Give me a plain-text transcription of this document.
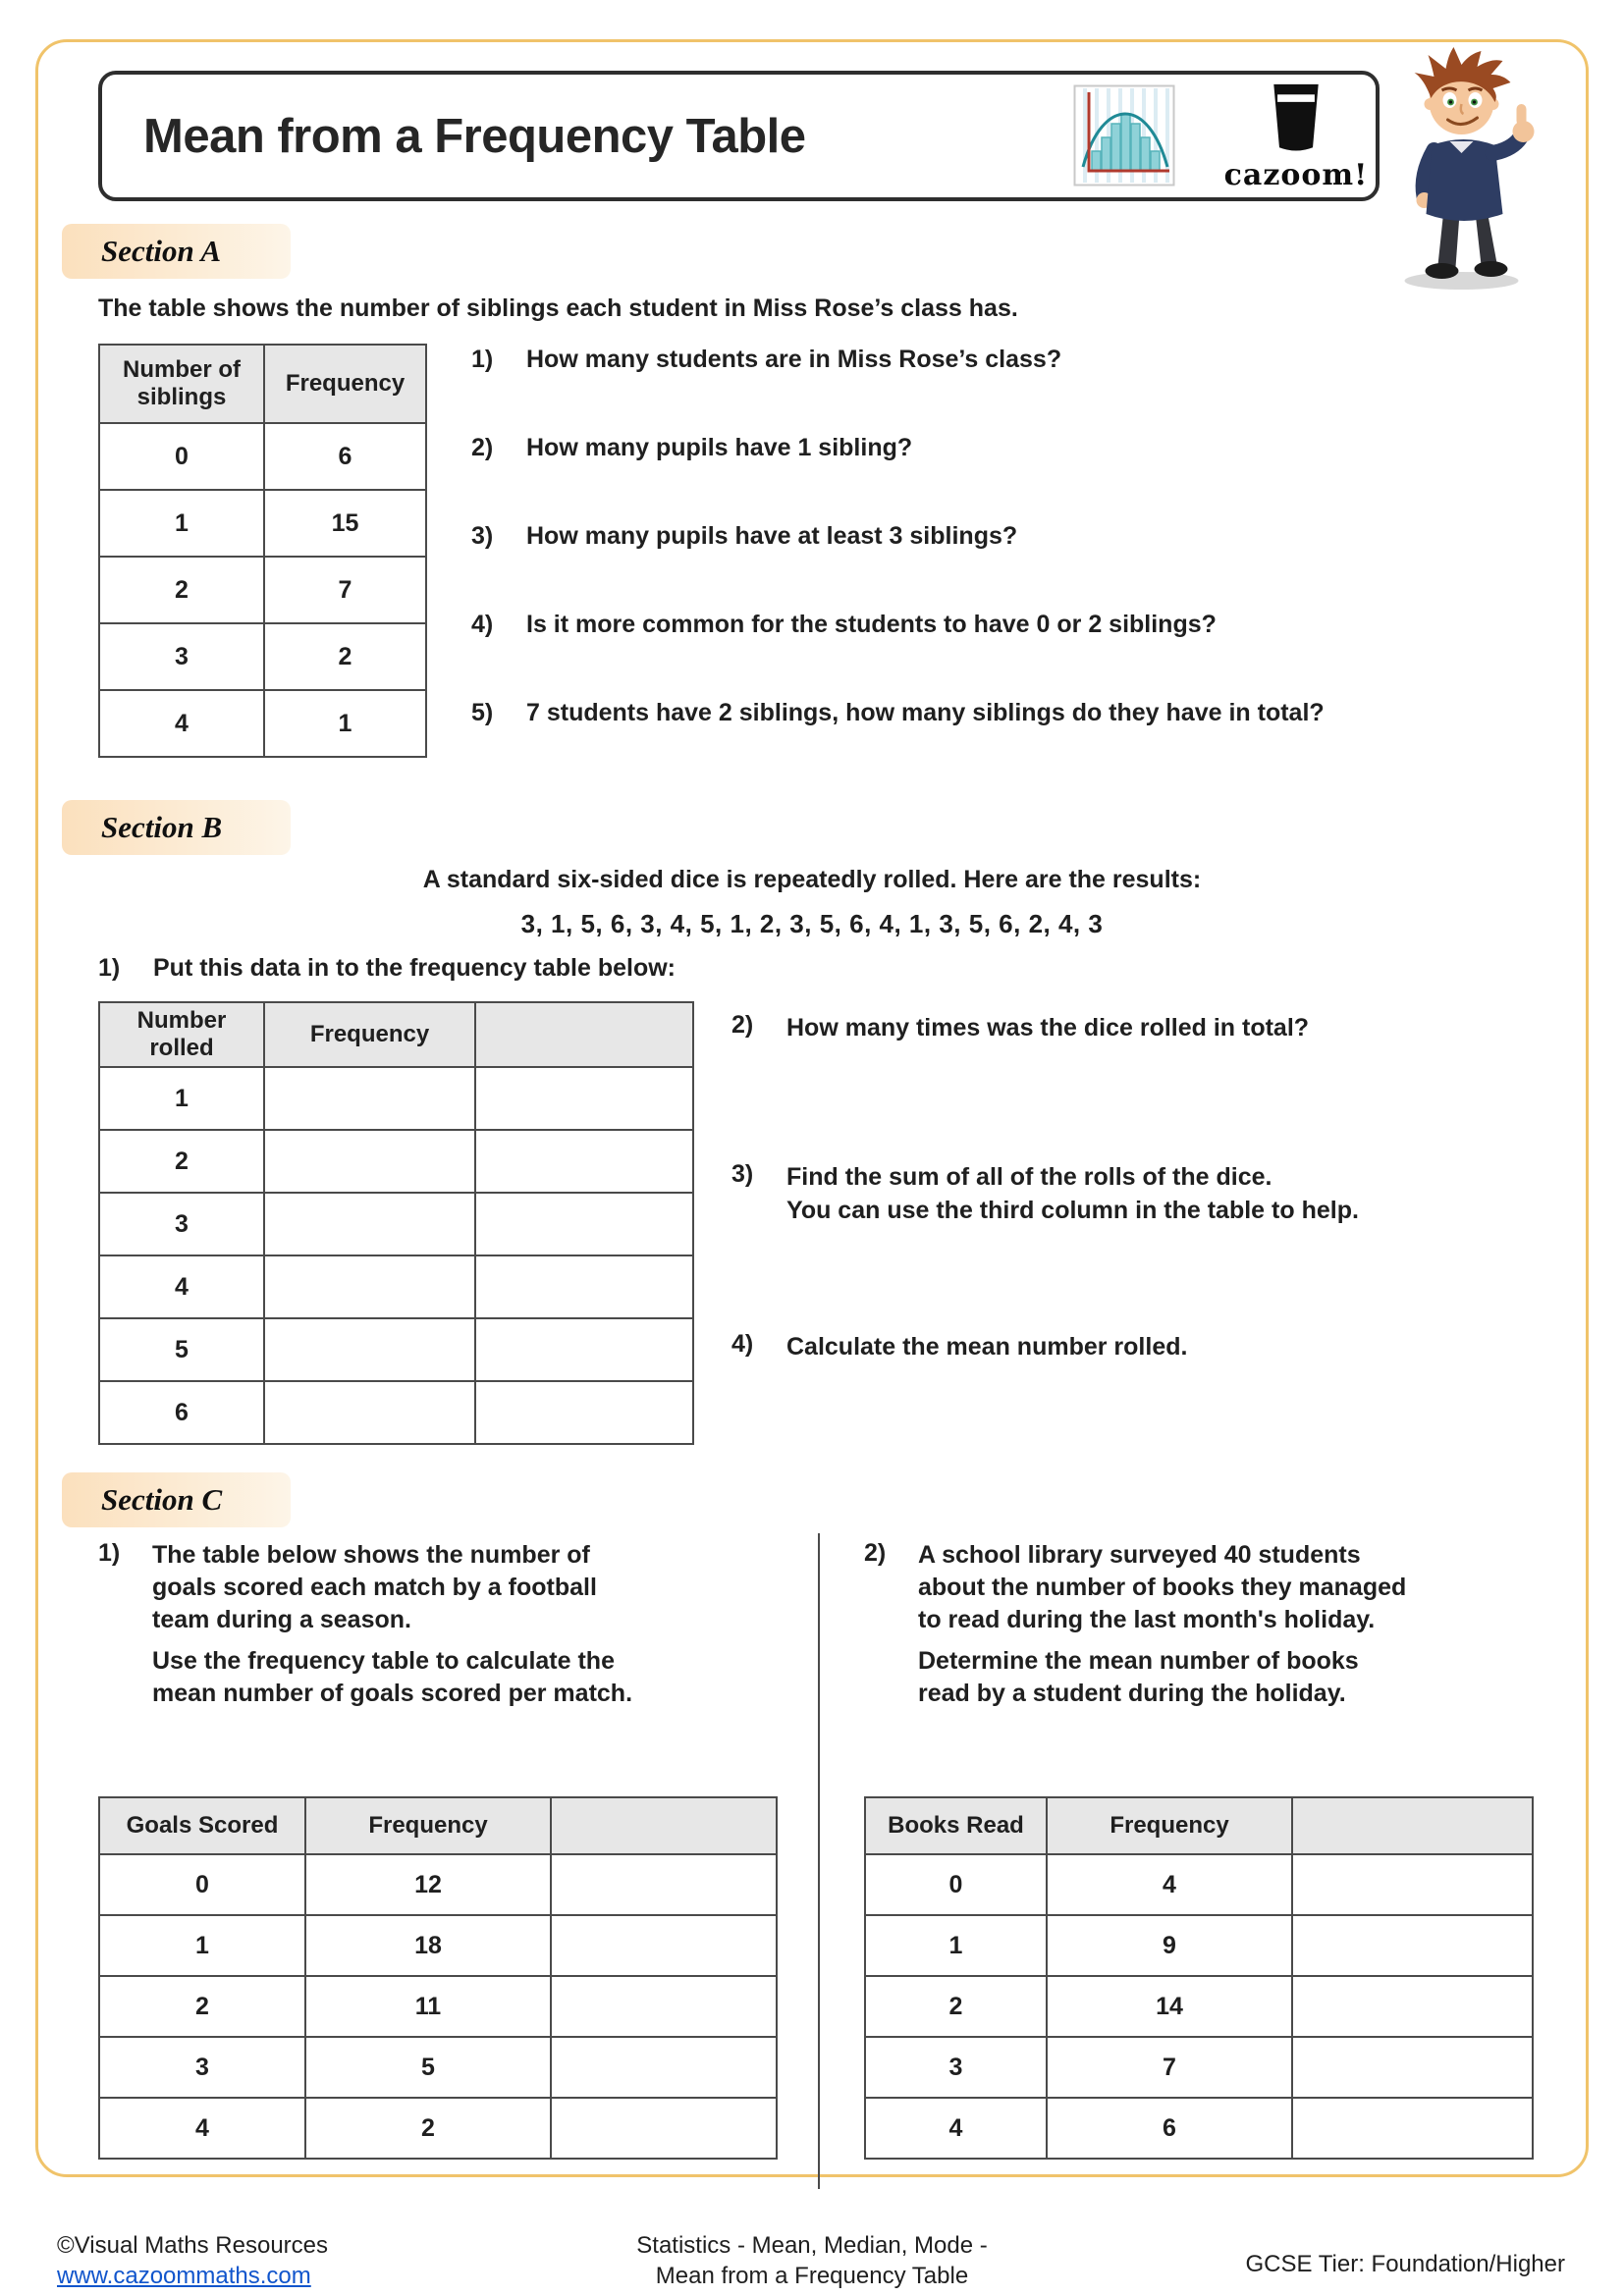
Mean from a Frequency Table
cazoom!
Section A

The table shows the number of siblings each student in Miss Rose’s class has.

Number of siblings	Frequency
0	6
1	15
2	7
3	2
4	1
1)	How many students are in Miss Rose’s class?
2)	How many pupils have 1 sibling?
3)	How many pupils have at least 3 siblings?
4)	Is it more common for the students to have 0 or 2 siblings?
5)	7 students have 2 siblings, how many siblings do they have in total?
Section B
A standard six-sided dice is repeatedly rolled. Here are the results:
3, 1, 5, 6, 3, 4, 5, 1, 2, 3, 5, 6, 4, 1, 3, 5, 6, 2, 4, 3
1)	Put this data in to the frequency table below:
Number rolled	Frequency	
1		
2		
3		
4		
5		
6		
2)	How many times was the dice rolled in total?
3)	Find the sum of all of the rolls of the dice.
You can use the third column in the table to help.
4)	Calculate the mean number rolled.
Section C
1)	The table below shows the number of
goals scored each match by a football
team during a season.
Use the frequency table to calculate the
mean number of goals scored per match.
2)	A school library surveyed 40 students
about the number of books they managed
to read during the last month's holiday.
Determine the mean number of books
read by a student during the holiday.
Goals Scored	Frequency	
0	12	
1	18	
2	11	
3	5	
4	2	
Books Read	Frequency	
0	4	
1	9	
2	14	
3	7	
4	6	
©Visual Maths Resources
www.cazoommaths.com
Statistics - Mean, Median, Mode -
Mean from a Frequency Table	GCSE Tier: Foundation/Higher
